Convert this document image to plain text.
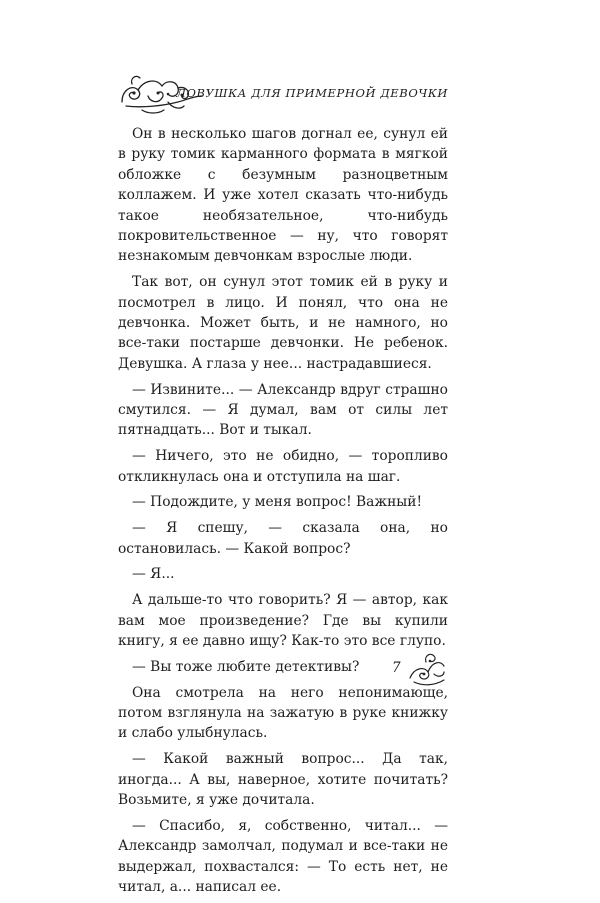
ЛОВУШКА ДЛЯ ПРИМЕРНОЙ ДЕВОЧКИ

Он в несколько шагов догнал ее, сунул ей в руку томик карманного формата в мягкой обложке с безумным разноцветным коллажем. И уже хотел сказать что-нибудь такое необязательное, что-нибудь покровительственное — ну, что говорят незнакомым девчонкам взрослые люди.

Так вот, он сунул этот томик ей в руку и посмотрел в лицо. И понял, что она не девчонка. Может быть, и не намного, но все-таки постарше девчонки. Не ребенок. Девушка. А глаза у нее... настрадавшиеся.

— Извините... — Александр вдруг страшно смутился. — Я думал, вам от силы лет пятнадцать... Вот и тыкал.

— Ничего, это не обидно, — торопливо откликнулась она и отступила на шаг.

— Подождите, у меня вопрос! Важный!

— Я спешу, — сказала она, но остановилась. — Какой вопрос?

— Я...

А дальше-то что говорить? Я — автор, как вам мое произведение? Где вы купили книгу, я ее давно ищу? Как-то это все глупо.

— Вы тоже любите детективы?

Она смотрела на него непонимающе, потом взглянула на зажатую в руке книжку и слабо улыбнулась.

— Какой важный вопрос... Да так, иногда... А вы, наверное, хотите почитать? Возьмите, я уже дочитала.

— Спасибо, я, собственно, читал... — Александр замолчал, подумал и все-таки не выдержал, похвастался: — То есть нет, не читал, а... написал ее.

7
